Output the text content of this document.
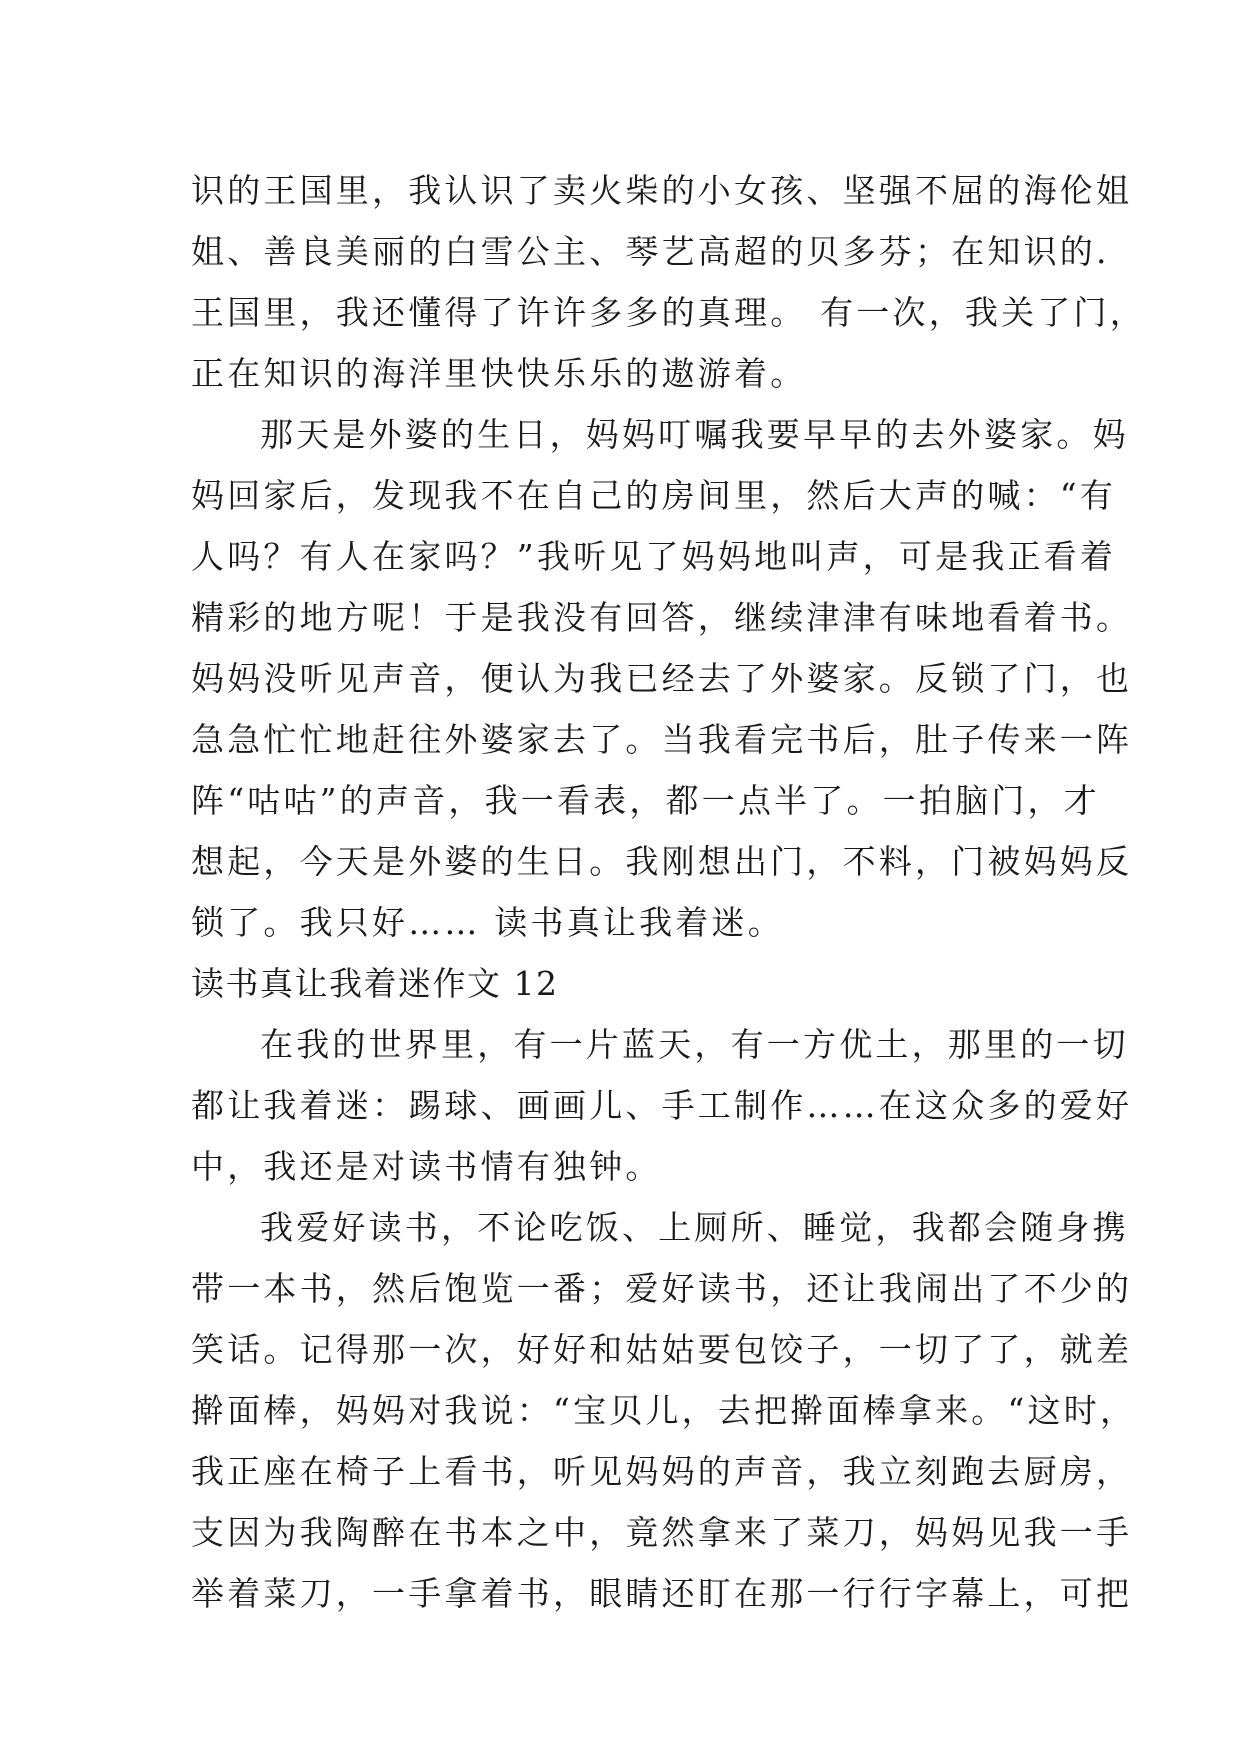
识的王国里，我认识了卖火柴的小女孩、坚强不屈的海伦姐
姐、善良美丽的白雪公主、琴艺高超的贝多芬；在知识的.
王国里，我还懂得了许许多多的真理。 有一次，我关了门，
正在知识的海洋里快快乐乐的遨游着。
那天是外婆的生日，妈妈叮嘱我要早早的去外婆家。妈
妈回家后，发现我不在自己的房间里，然后大声的喊：“有
人吗？有人在家吗？”我听见了妈妈地叫声，可是我正看着
精彩的地方呢！于是我没有回答，继续津津有味地看着书。
妈妈没听见声音，便认为我已经去了外婆家。反锁了门，也
急急忙忙地赶往外婆家去了。当我看完书后，肚子传来一阵
阵“咕咕”的声音，我一看表，都一点半了。一拍脑门，才
想起，今天是外婆的生日。我刚想出门，不料，门被妈妈反
锁了。我只好…… 读书真让我着迷。
读书真让我着迷作文 12
在我的世界里，有一片蓝天，有一方优土，那里的一切
都让我着迷：踢球、画画儿、手工制作……在这众多的爱好
中，我还是对读书情有独钟。
我爱好读书，不论吃饭、上厕所、睡觉，我都会随身携
带一本书，然后饱览一番；爱好读书，还让我闹出了不少的
笑话。记得那一次，好好和姑姑要包饺子，一切了了，就差
擀面棒，妈妈对我说：“宝贝儿，去把擀面棒拿来。“这时，
我正座在椅子上看书，听见妈妈的声音，我立刻跑去厨房，
支因为我陶醉在书本之中，竟然拿来了菜刀，妈妈见我一手
举着菜刀，一手拿着书，眼睛还盯在那一行行字幕上，可把
